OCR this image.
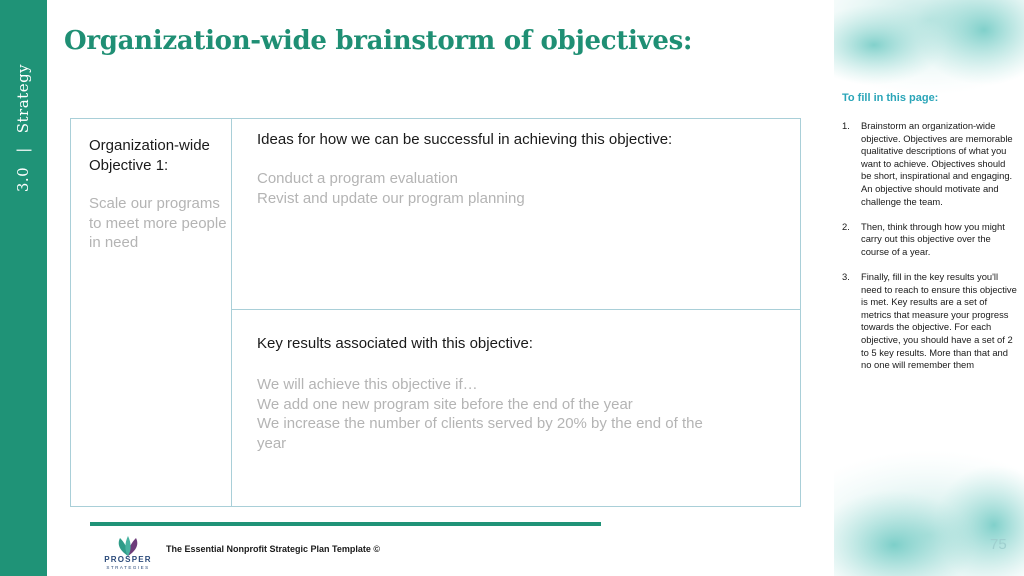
3.0|Strategy
Organization-wide brainstorm of objectives:
Organization-wide Objective 1:
Scale our programs to meet more people in need
Ideas for how we can be successful in achieving this objective:
Conduct a program evaluation
Revist and update our program planning
Key results associated with this objective:
We will achieve this objective if…
We add one new program site before the end of the year
We increase the number of clients served by 20% by the end of the year
PROSPER
STRATEGIES
The Essential Nonprofit Strategic Plan Template ©
To fill in this page:
1. Brainstorm an organization-wide objective. Objectives are memorable qualitative descriptions of what you want to achieve. Objectives should be short, inspirational and engaging. An objective should motivate and challenge the team.
2. Then, think through how you might carry out this objective over the course of a year.
3. Finally, fill in the key results you'll need to reach to ensure this objective is met. Key results are a set of metrics that measure your progress towards the objective. For each objective, you should have a set of 2 to 5 key results. More than that and no one will remember them
75
